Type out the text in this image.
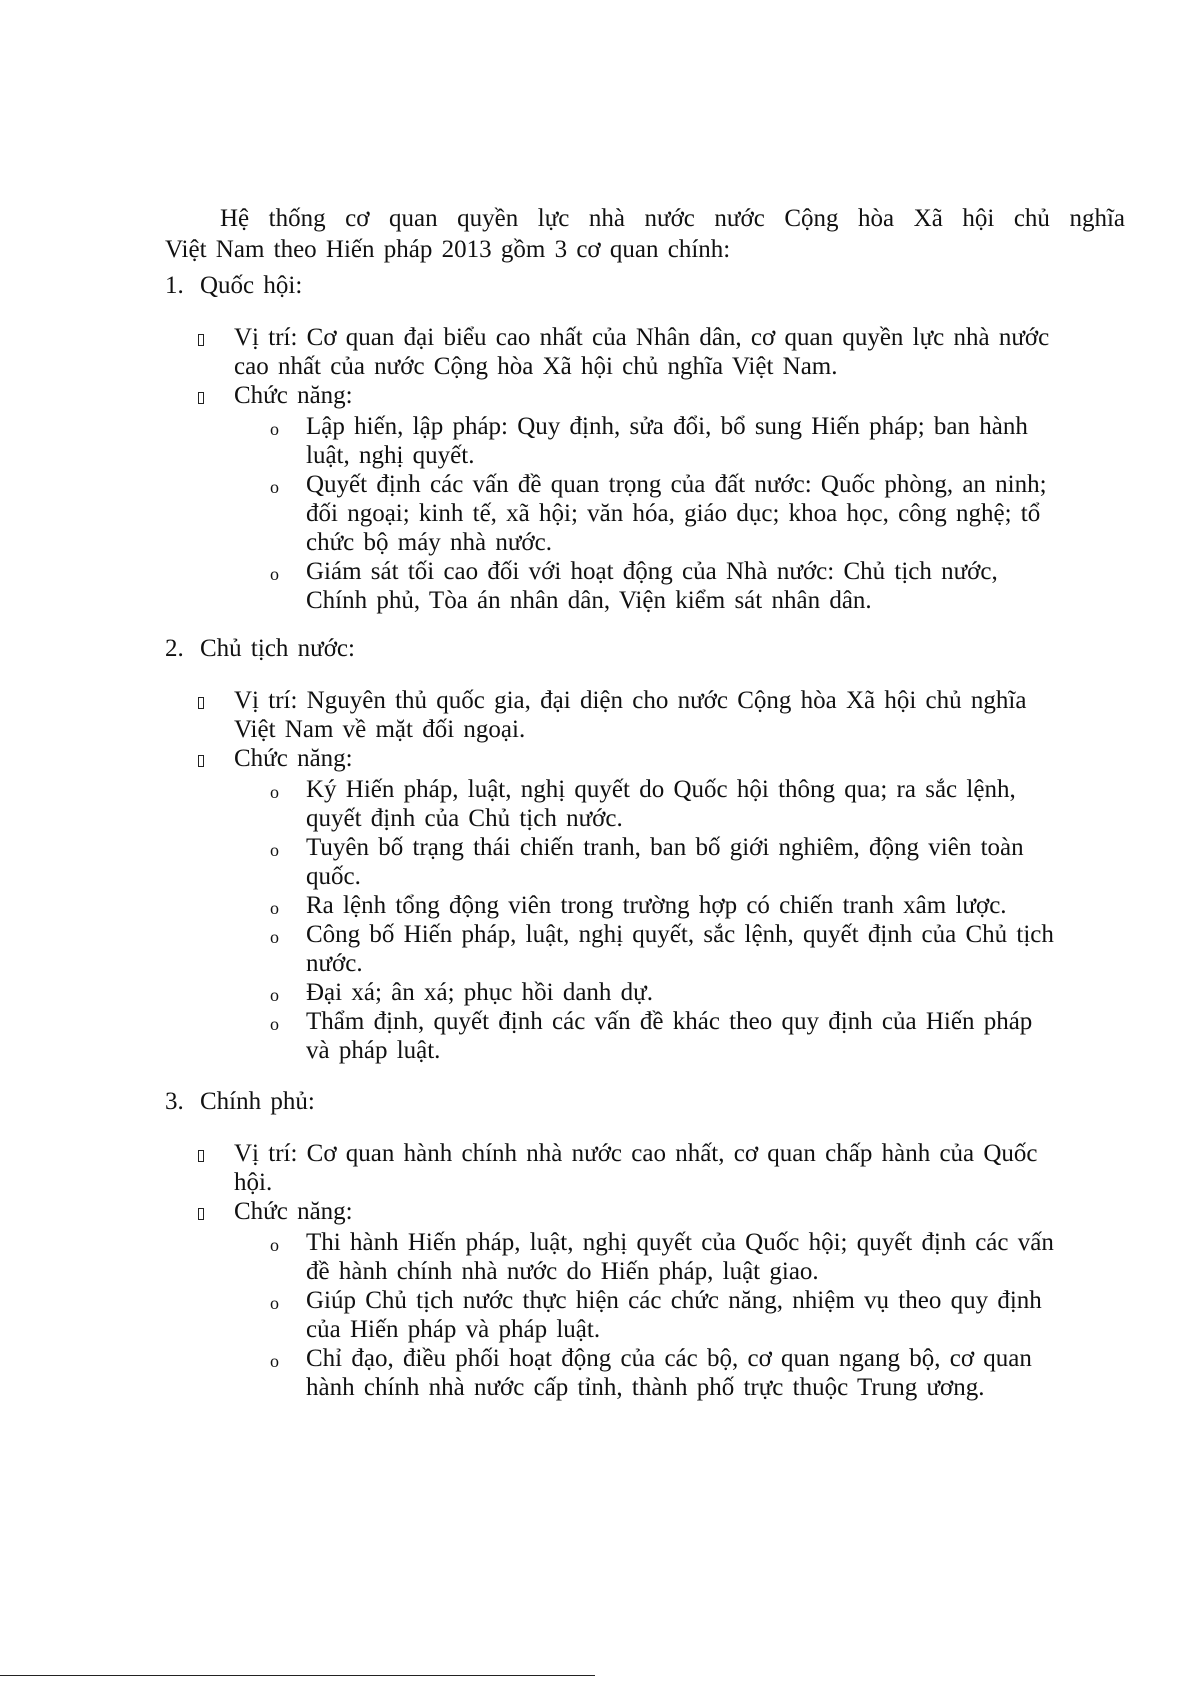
Hệ thống cơ quan quyền lực nhà nước nước Cộng hòa Xã hội chủ nghĩa
Việt Nam theo Hiến pháp 2013 gồm 3 cơ quan chính:
1. Quốc hội:
Vị trí: Cơ quan đại biểu cao nhất của Nhân dân, cơ quan quyền lực nhà nước
cao nhất của nước Cộng hòa Xã hội chủ nghĩa Việt Nam.
Chức năng:
o Lập hiến, lập pháp: Quy định, sửa đổi, bổ sung Hiến pháp; ban hành
luật, nghị quyết.
o Quyết định các vấn đề quan trọng của đất nước: Quốc phòng, an ninh;
đối ngoại; kinh tế, xã hội; văn hóa, giáo dục; khoa học, công nghệ; tổ
chức bộ máy nhà nước.
o Giám sát tối cao đối với hoạt động của Nhà nước: Chủ tịch nước,
Chính phủ, Tòa án nhân dân, Viện kiểm sát nhân dân.
2. Chủ tịch nước:
Vị trí: Nguyên thủ quốc gia, đại diện cho nước Cộng hòa Xã hội chủ nghĩa
Việt Nam về mặt đối ngoại.
Chức năng:
o Ký Hiến pháp, luật, nghị quyết do Quốc hội thông qua; ra sắc lệnh,
quyết định của Chủ tịch nước.
o Tuyên bố trạng thái chiến tranh, ban bố giới nghiêm, động viên toàn
quốc.
o Ra lệnh tổng động viên trong trường hợp có chiến tranh xâm lược.
o Công bố Hiến pháp, luật, nghị quyết, sắc lệnh, quyết định của Chủ tịch
nước.
o Đại xá; ân xá; phục hồi danh dự.
o Thẩm định, quyết định các vấn đề khác theo quy định của Hiến pháp
và pháp luật.
3. Chính phủ:
Vị trí: Cơ quan hành chính nhà nước cao nhất, cơ quan chấp hành của Quốc
hội.
Chức năng:
o Thi hành Hiến pháp, luật, nghị quyết của Quốc hội; quyết định các vấn
đề hành chính nhà nước do Hiến pháp, luật giao.
o Giúp Chủ tịch nước thực hiện các chức năng, nhiệm vụ theo quy định
của Hiến pháp và pháp luật.
o Chỉ đạo, điều phối hoạt động của các bộ, cơ quan ngang bộ, cơ quan
hành chính nhà nước cấp tỉnh, thành phố trực thuộc Trung ương.
